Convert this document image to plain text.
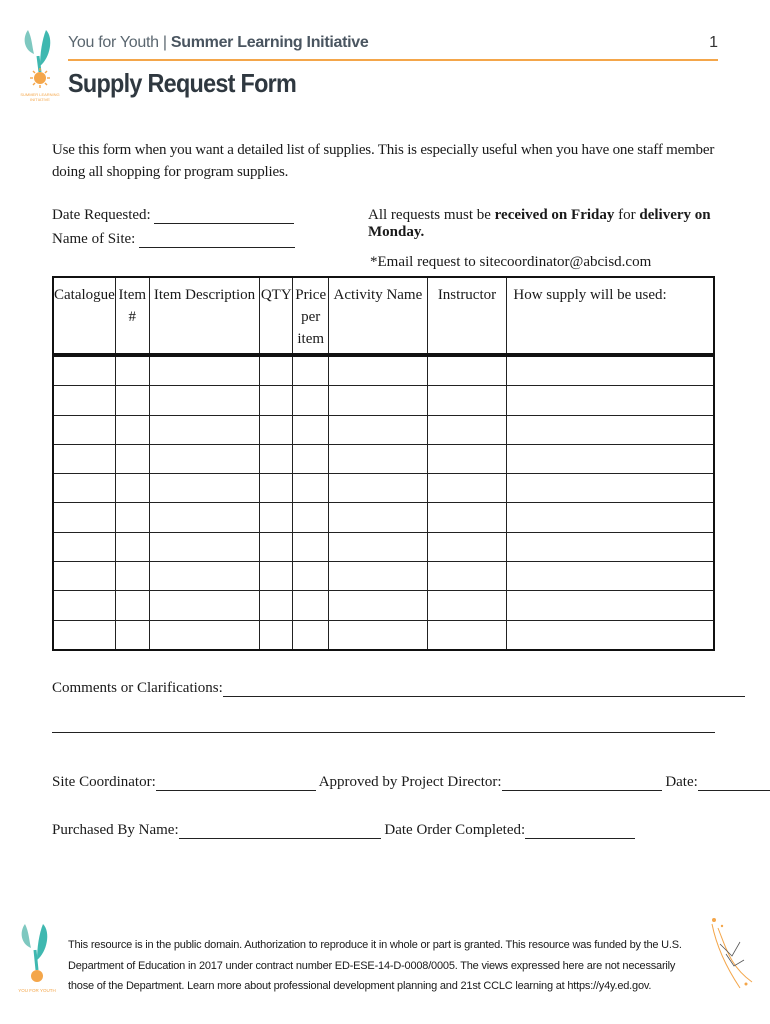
SUMMER LEARNING
INITIATIVE
You for Youth | Summer Learning Initiative	1
Supply Request Form
Use this form when you want a detailed list of supplies. This is especially useful when you have one staff member doing all shopping for program supplies.
Date Requested:
Name of Site:
All requests must be received on Friday for delivery on Monday.
*Email request to sitecoordinator@abcisd.com
Catalogue	Item #	Item Description	QTY	Price per item	Activity Name	Instructor	How supply will be used:

Comments or Clarifications:
Site Coordinator:	Approved by Project Director:	Date:
Purchased By Name:	Date Order Completed:
YOU FOR YOUTH
This resource is in the public domain. Authorization to reproduce it in whole or part is granted. This resource was funded by the U.S. Department of Education in 2017 under contract number ED-ESE-14-D-0008/0005. The views expressed here are not necessarily those of the Department. Learn more about professional development planning and 21st CCLC learning at https://y4y.ed.gov.
